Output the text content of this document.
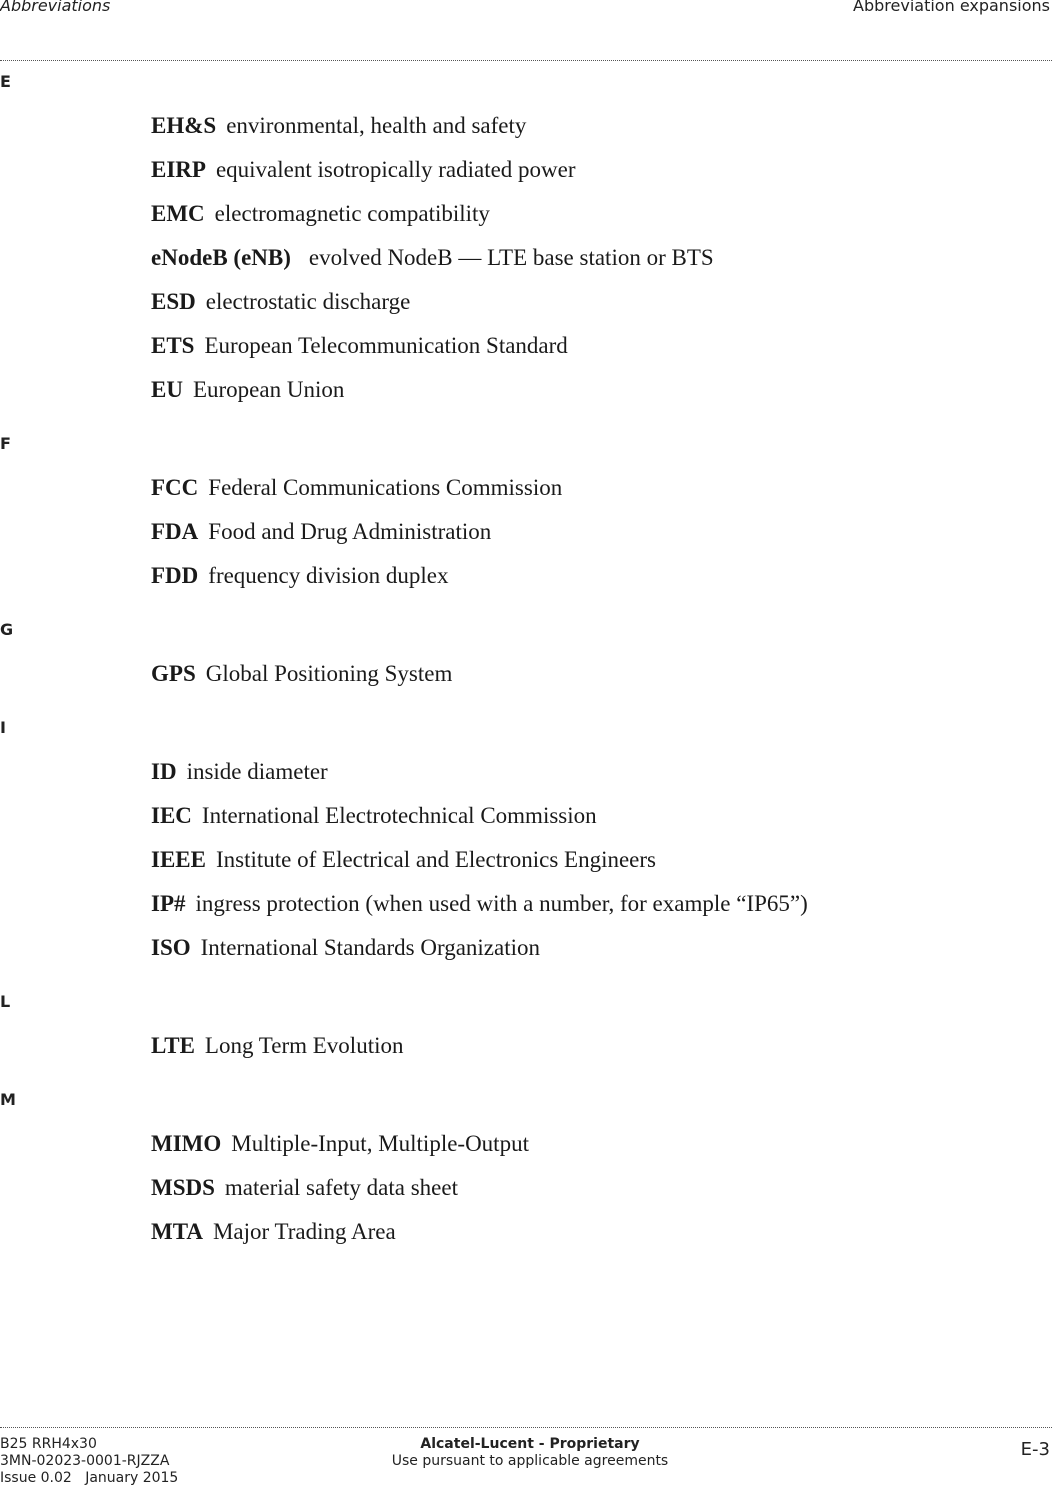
Abbreviations	Abbreviation expansions
E
EH&S environmental, health and safety
EIRP equivalent isotropically radiated power
EMC electromagnetic compatibility
eNodeB (eNB) evolved NodeB — LTE base station or BTS
ESD electrostatic discharge
ETS European Telecommunication Standard
EU European Union
F
FCC Federal Communications Commission
FDA Food and Drug Administration
FDD frequency division duplex
G
GPS Global Positioning System
I
ID inside diameter
IEC International Electrotechnical Commission
IEEE Institute of Electrical and Electronics Engineers
IP# ingress protection (when used with a number, for example “IP65”)
ISO International Standards Organization
L
LTE Long Term Evolution
M
MIMO Multiple-Input, Multiple-Output
MSDS material safety data sheet
MTA Major Trading Area
B25 RRH4x30
3MN-02023-0001-RJZZA
Issue 0.02 January 2015
Alcatel-Lucent - Proprietary
Use pursuant to applicable agreements
E-3
